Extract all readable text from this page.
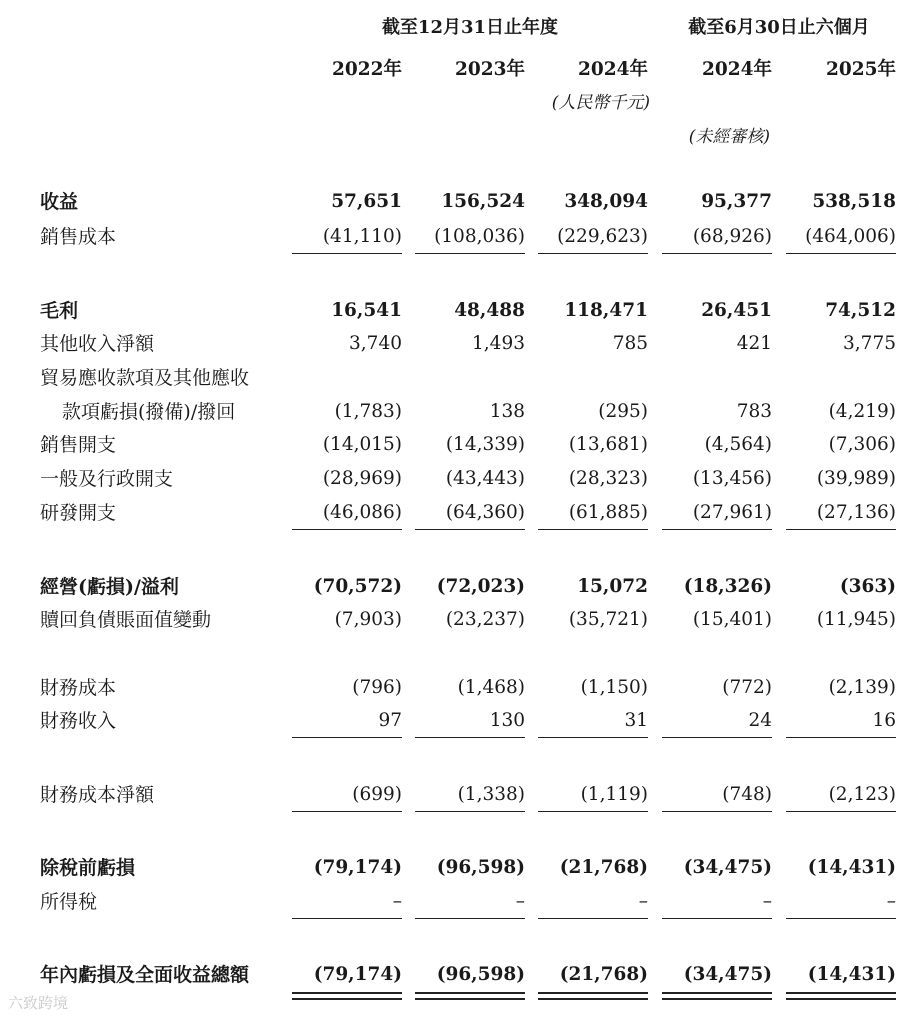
截至12月31日止年度	截至6月30日止六個月
2022年	2023年	2024年	2024年	2025年
(人民幣千元)
(未經審核)
收益	57,651	156,524	348,094	95,377	538,518
銷售成本	(41,110)	(108,036)	(229,623)	(68,926)	(464,006)
毛利	16,541	48,488	118,471	26,451	74,512
其他收入淨額	3,740	1,493	785	421	3,775
貿易應收款項及其他應收
款項虧損(撥備)/撥回	(1,783)	138	(295)	783	(4,219)
銷售開支	(14,015)	(14,339)	(13,681)	(4,564)	(7,306)
一般及行政開支	(28,969)	(43,443)	(28,323)	(13,456)	(39,989)
研發開支	(46,086)	(64,360)	(61,885)	(27,961)	(27,136)
經營(虧損)/溢利	(70,572)	(72,023)	15,072	(18,326)	(363)
贖回負債賬面值變動	(7,903)	(23,237)	(35,721)	(15,401)	(11,945)
財務成本	(796)	(1,468)	(1,150)	(772)	(2,139)
財務收入	97	130	31	24	16
財務成本淨額	(699)	(1,338)	(1,119)	(748)	(2,123)
除稅前虧損	(79,174)	(96,598)	(21,768)	(34,475)	(14,431)
所得稅	–	–	–	–	–
年內虧損及全面收益總額	(79,174)	(96,598)	(21,768)	(34,475)	(14,431)
六致跨境
